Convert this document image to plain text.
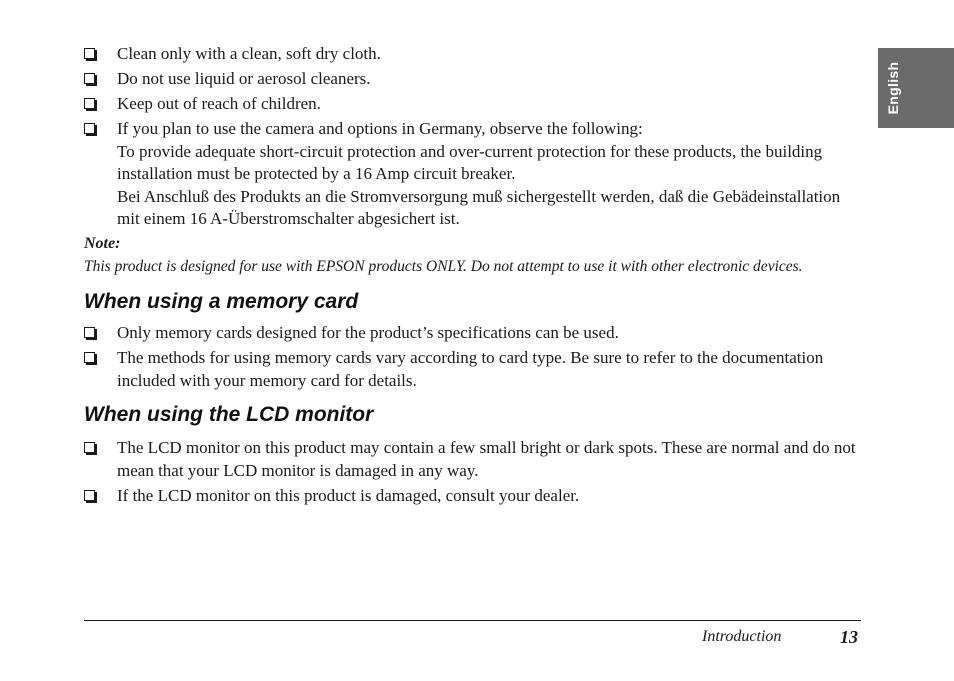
English

Clean only with a clean, soft dry cloth.

Do not use liquid or aerosol cleaners.

Keep out of reach of children.

If you plan to use the camera and options in Germany, observe the following:

To provide adequate short-circuit protection and over-current protection for these products, the building installation must be protected by a 16 Amp circuit breaker.

Bei Anschluß des Produkts an die Stromversorgung muß sichergestellt werden, daß die Gebädeinstallation mit einem 16 A-Überstromschalter abgesichert ist.

Note:

This product is designed for use with EPSON products ONLY. Do not attempt to use it with other electronic devices.

When using a memory card

Only memory cards designed for the product’s specifications can be used.

The methods for using memory cards vary according to card type. Be sure to refer to the documentation included with your memory card for details.

When using the LCD monitor

The LCD monitor on this product may contain a few small bright or dark spots. These are normal and do not mean that your LCD monitor is damaged in any way.

If the LCD monitor on this product is damaged, consult your dealer.

Introduction	13
